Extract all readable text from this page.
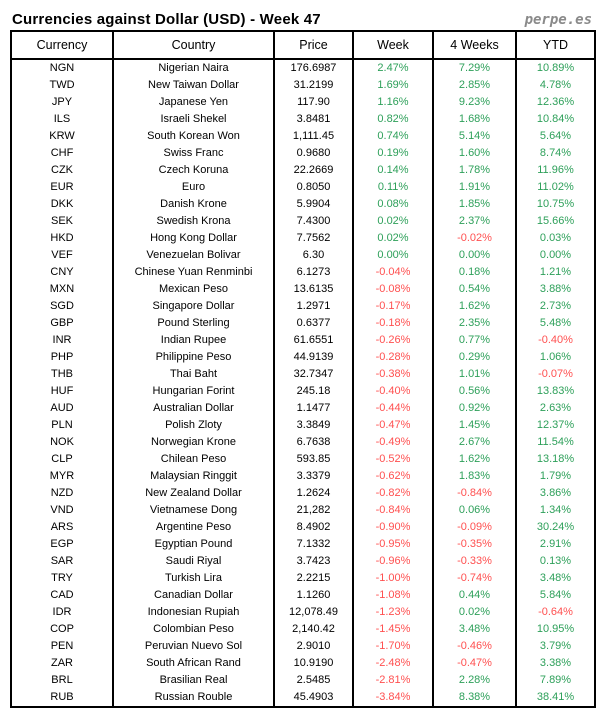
Currencies against Dollar (USD) - Week 47	perpe.es
Currency	Country	Price	Week	4 Weeks	YTD
NGN	Nigerian Naira	176.6987	2.47%	7.29%	10.89%
TWD	New Taiwan Dollar	31.2199	1.69%	2.85%	4.78%
JPY	Japanese Yen	117.90	1.16%	9.23%	12.36%
ILS	Israeli Shekel	3.8481	0.82%	1.68%	10.84%
KRW	South Korean Won	1,111.45	0.74%	5.14%	5.64%
CHF	Swiss Franc	0.9680	0.19%	1.60%	8.74%
CZK	Czech Koruna	22.2669	0.14%	1.78%	11.96%
EUR	Euro	0.8050	0.11%	1.91%	11.02%
DKK	Danish Krone	5.9904	0.08%	1.85%	10.75%
SEK	Swedish Krona	7.4300	0.02%	2.37%	15.66%
HKD	Hong Kong Dollar	7.7562	0.02%	-0.02%	0.03%
VEF	Venezuelan Bolivar	6.30	0.00%	0.00%	0.00%
CNY	Chinese Yuan Renminbi	6.1273	-0.04%	0.18%	1.21%
MXN	Mexican Peso	13.6135	-0.08%	0.54%	3.88%
SGD	Singapore Dollar	1.2971	-0.17%	1.62%	2.73%
GBP	Pound Sterling	0.6377	-0.18%	2.35%	5.48%
INR	Indian Rupee	61.6551	-0.26%	0.77%	-0.40%
PHP	Philippine Peso	44.9139	-0.28%	0.29%	1.06%
THB	Thai Baht	32.7347	-0.38%	1.01%	-0.07%
HUF	Hungarian Forint	245.18	-0.40%	0.56%	13.83%
AUD	Australian Dollar	1.1477	-0.44%	0.92%	2.63%
PLN	Polish Zloty	3.3849	-0.47%	1.45%	12.37%
NOK	Norwegian Krone	6.7638	-0.49%	2.67%	11.54%
CLP	Chilean Peso	593.85	-0.52%	1.62%	13.18%
MYR	Malaysian Ringgit	3.3379	-0.62%	1.83%	1.79%
NZD	New Zealand Dollar	1.2624	-0.82%	-0.84%	3.86%
VND	Vietnamese Dong	21,282	-0.84%	0.06%	1.34%
ARS	Argentine Peso	8.4902	-0.90%	-0.09%	30.24%
EGP	Egyptian Pound	7.1332	-0.95%	-0.35%	2.91%
SAR	Saudi Riyal	3.7423	-0.96%	-0.33%	0.13%
TRY	Turkish Lira	2.2215	-1.00%	-0.74%	3.48%
CAD	Canadian Dollar	1.1260	-1.08%	0.44%	5.84%
IDR	Indonesian Rupiah	12,078.49	-1.23%	0.02%	-0.64%
COP	Colombian Peso	2,140.42	-1.45%	3.48%	10.95%
PEN	Peruvian Nuevo Sol	2.9010	-1.70%	-0.46%	3.79%
ZAR	South African Rand	10.9190	-2.48%	-0.47%	3.38%
BRL	Brasilian Real	2.5485	-2.81%	2.28%	7.89%
RUB	Russian Rouble	45.4903	-3.84%	8.38%	38.41%
